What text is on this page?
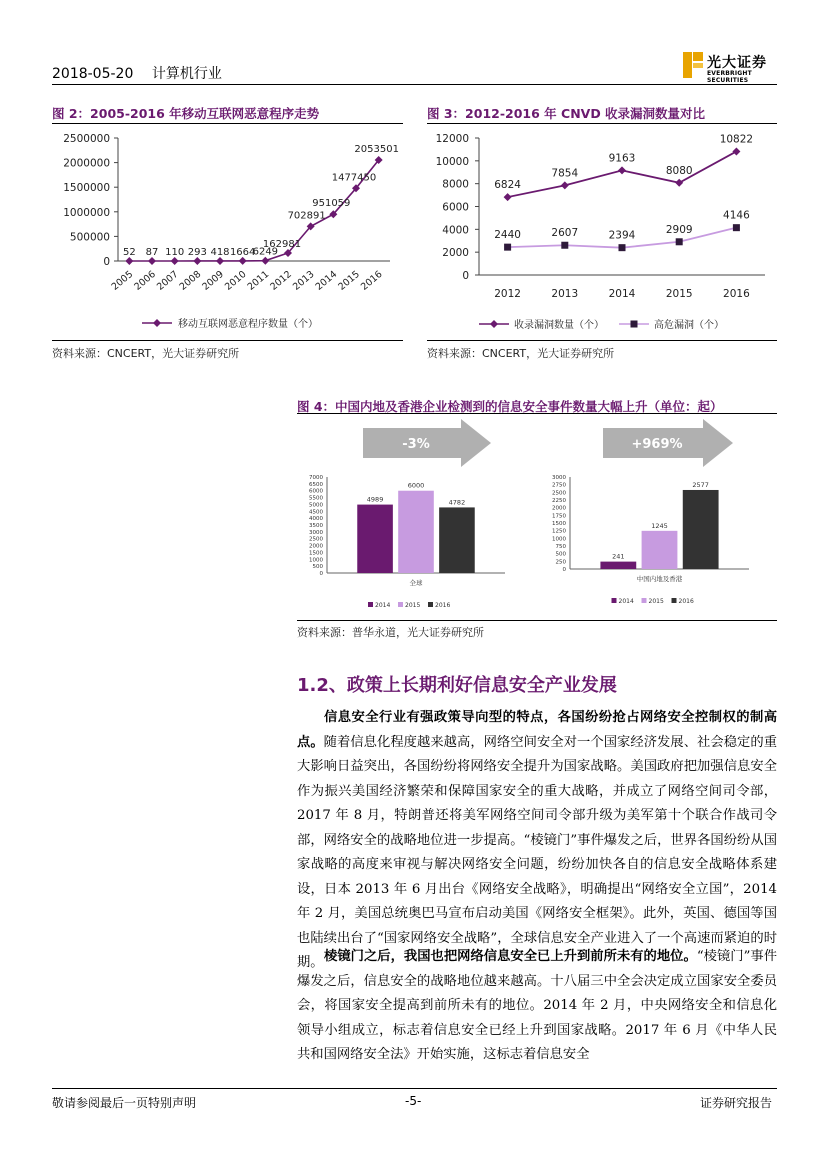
2018-05-20 计算机行业
光大证券
EVERBRIGHT SECURITIES
图 2：2005-2016 年移动互联网恶意程序走势
0
500000
1000000
1500000
2000000
2500000
2005
2006
2007
2008
2009
2010
2011
2012
2013
2014
2015
2016
52 87 110 293 418 1664
6249
162981
702891
951059
1477450
2053501
移动互联网恶意程序数量（个）
资料来源：CNCERT，光大证券研究所
图 3：2012-2016 年 CNVD 收录漏洞数量对比
0
2000
4000
6000
8000
10000
12000
2012	2013	2014	2015	2016
6824
7854
9163
8080
10822
2440	2607	2394	2909
4146
收录漏洞数量（个）	高危漏洞（个）
资料来源：CNCERT，光大证券研究所
图 4：中国内地及香港企业检测到的信息安全事件数量大幅上升（单位：起）
-3%	+969%
0
500
1000
1500
2000
2500
3000
3500
4000
4500
5000
5500
6000
6500
7000
4989
6000
4782
全球
2014 2015 2016
0
250
500
750
1000
1250
1500
1750
2000
2250
2500
2750
3000
241
1245
2577
中国内地及香港
2014 2015 2016
资料来源：普华永道，光大证券研究所
1.2、政策上长期利好信息安全产业发展
信息安全行业有强政策导向型的特点，各国纷纷抢占网络安全控制权的制高点。随着信息化程度越来越高，网络空间安全对一个国家经济发展、社会稳定的重大影响日益突出，各国纷纷将网络安全提升为国家战略。美国政府把加强信息安全作为振兴美国经济繁荣和保障国家安全的重大战略，并成立了网络空间司令部，2017 年 8 月，特朗普还将美军网络空间司令部升级为美军第十个联合作战司令部，网络安全的战略地位进一步提高。“棱镜门”事件爆发之后，世界各国纷纷从国家战略的高度来审视与解决网络安全问题，纷纷加快各自的信息安全战略体系建设，日本 2013 年 6 月出台《网络安全战略》，明确提出“网络安全立国”，2014 年 2 月，美国总统奥巴马宣布启动美国《网络安全框架》。此外，英国、德国等国也陆续出台了“国家网络安全战略”，全球信息安全产业进入了一个高速而紧迫的时期。 棱镜门之后，我国也把网络信息安全已上升到前所未有的地位。“棱镜门”事件爆发之后，信息安全的战略地位越来越高。十八届三中全会决定成立国家安全委员会，将国家安全提高到前所未有的地位。2014 年 2 月，中央网络安全和信息化领导小组成立，标志着信息安全已经上升到国家战略。2017 年 6 月《中华人民共和国网络安全法》开始实施，这标志着信息安全
敬请参阅最后一页特别声明	-5-	证券研究报告
